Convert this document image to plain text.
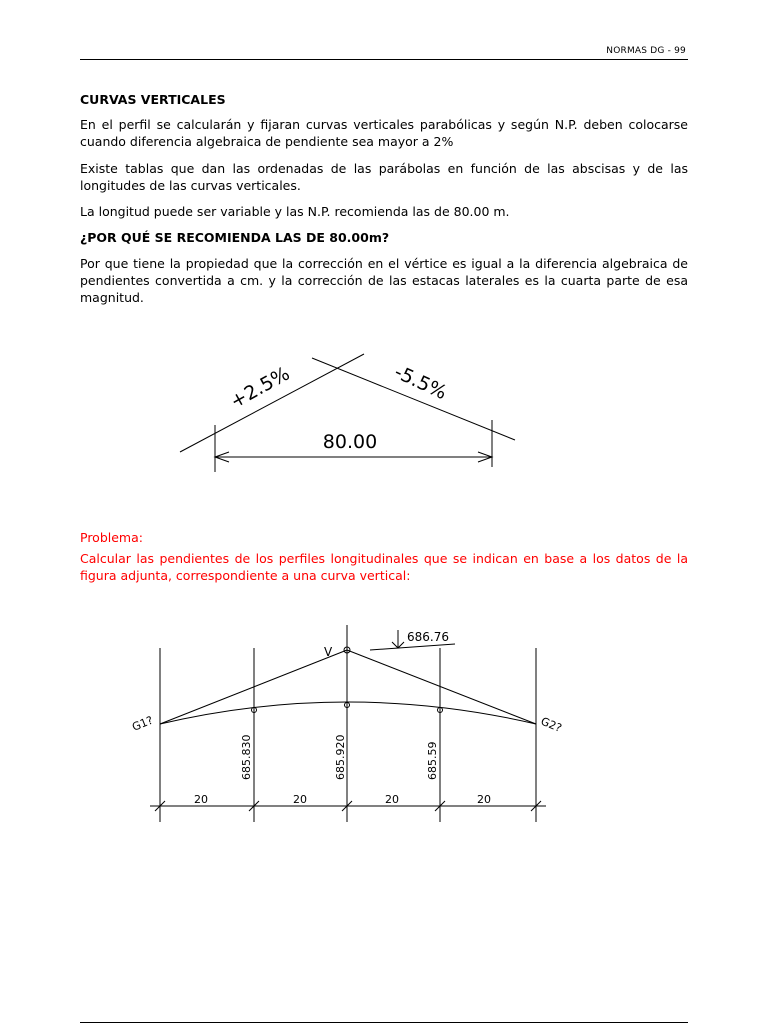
NORMAS DG - 99
CURVAS VERTICALES
En el perfil se calcularán y fijaran curvas verticales parabólicas y según N.P. deben colocarse cuando diferencia algebraica de pendiente sea mayor a 2%
Existe tablas que dan las ordenadas de las parábolas en función de las abscisas y de las longitudes de las curvas verticales.
La longitud puede ser variable y las N.P. recomienda las de 80.00 m.
¿POR QUÉ SE RECOMIENDA LAS DE 80.00m?
Por que tiene la propiedad que la corrección en el vértice es igual a la diferencia algebraica de pendientes convertida a cm. y la corrección de las estacas laterales es la cuarta parte de esa magnitud.
+2.5%	-5.5%
80.00
Problema:
Calcular las pendientes de los perfiles longitudinales que se indican en base a los datos de la figura adjunta, correspondiente a una curva vertical:
V
686.76
G1?	G2?
685.830	685.920	685.59
20	20	20	20
